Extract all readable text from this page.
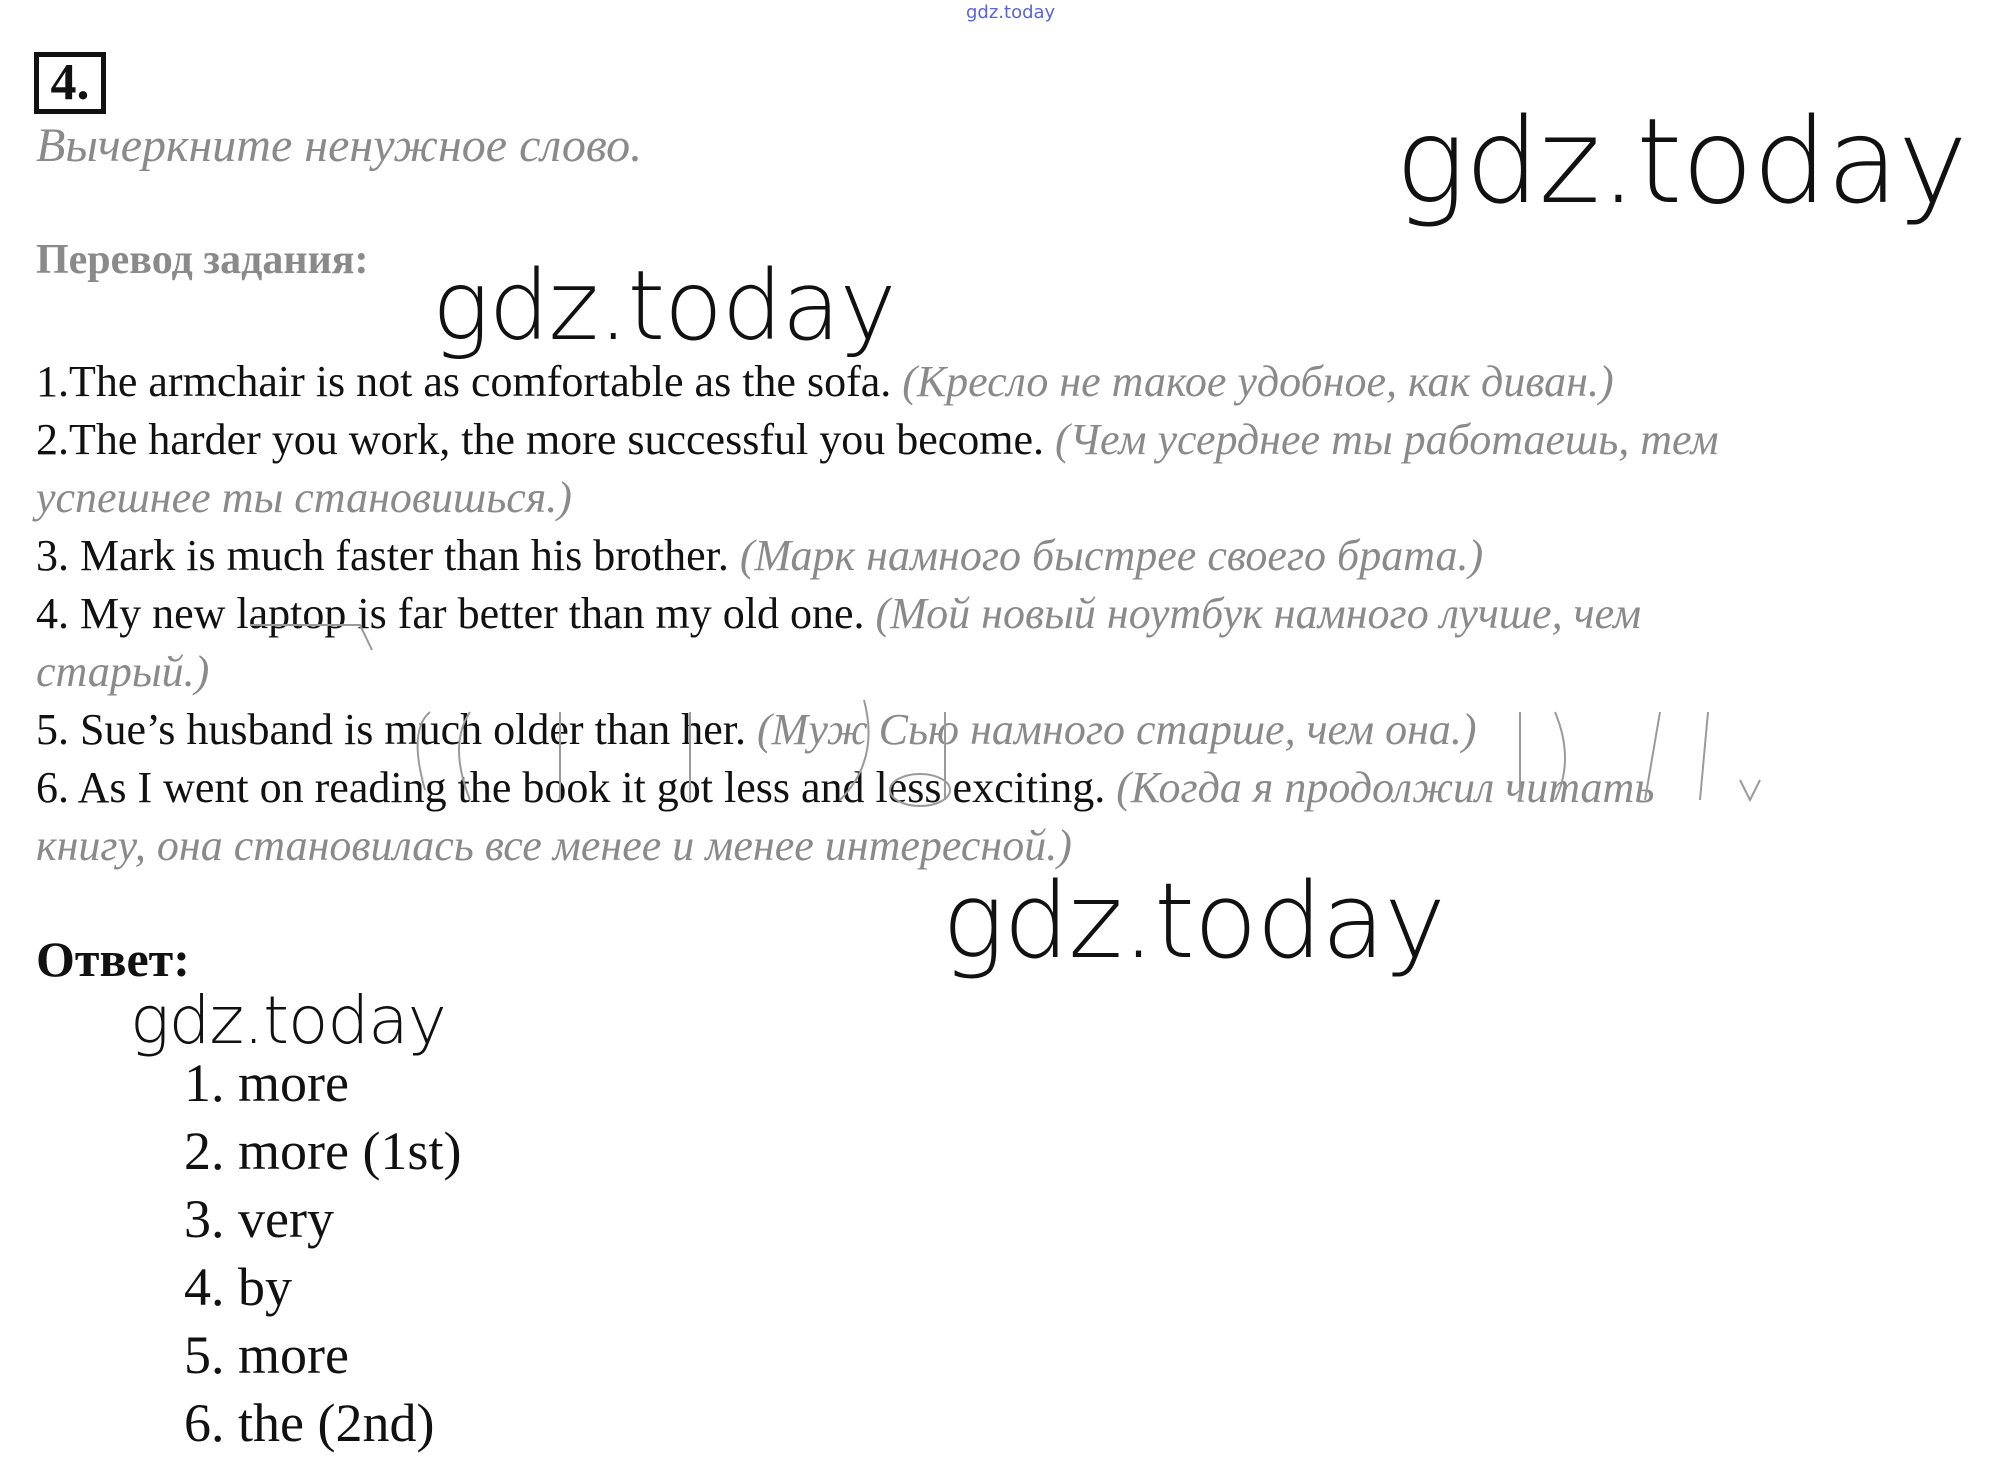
gdz.today
4.
Вычеркните ненужное слово.
Перевод задания:
1.The armchair is not as comfortable as the sofa. (Кресло не такое удобное, как диван.)
2.The harder you work, the more successful you become. (Чем усерднее ты работаешь, тем
успешнее ты становишься.)
3. Mark is much faster than his brother. (Марк намного быстрее своего брата.)
4. My new laptop is far better than my old one. (Мой новый ноутбук намного лучше, чем
старый.)
5. Sue’s husband is much older than her. (Муж Сью намного старше, чем она.)
6. As I went on reading the book it got less and less exciting. (Когда я продолжил читать
книгу, она становилась все менее и менее интересной.)
Ответ:
1. more
2. more (1st)
3. very
4. by
5. more
6. the (2nd)
gdz.today
gdz.today
gdz.today
gdz.today
